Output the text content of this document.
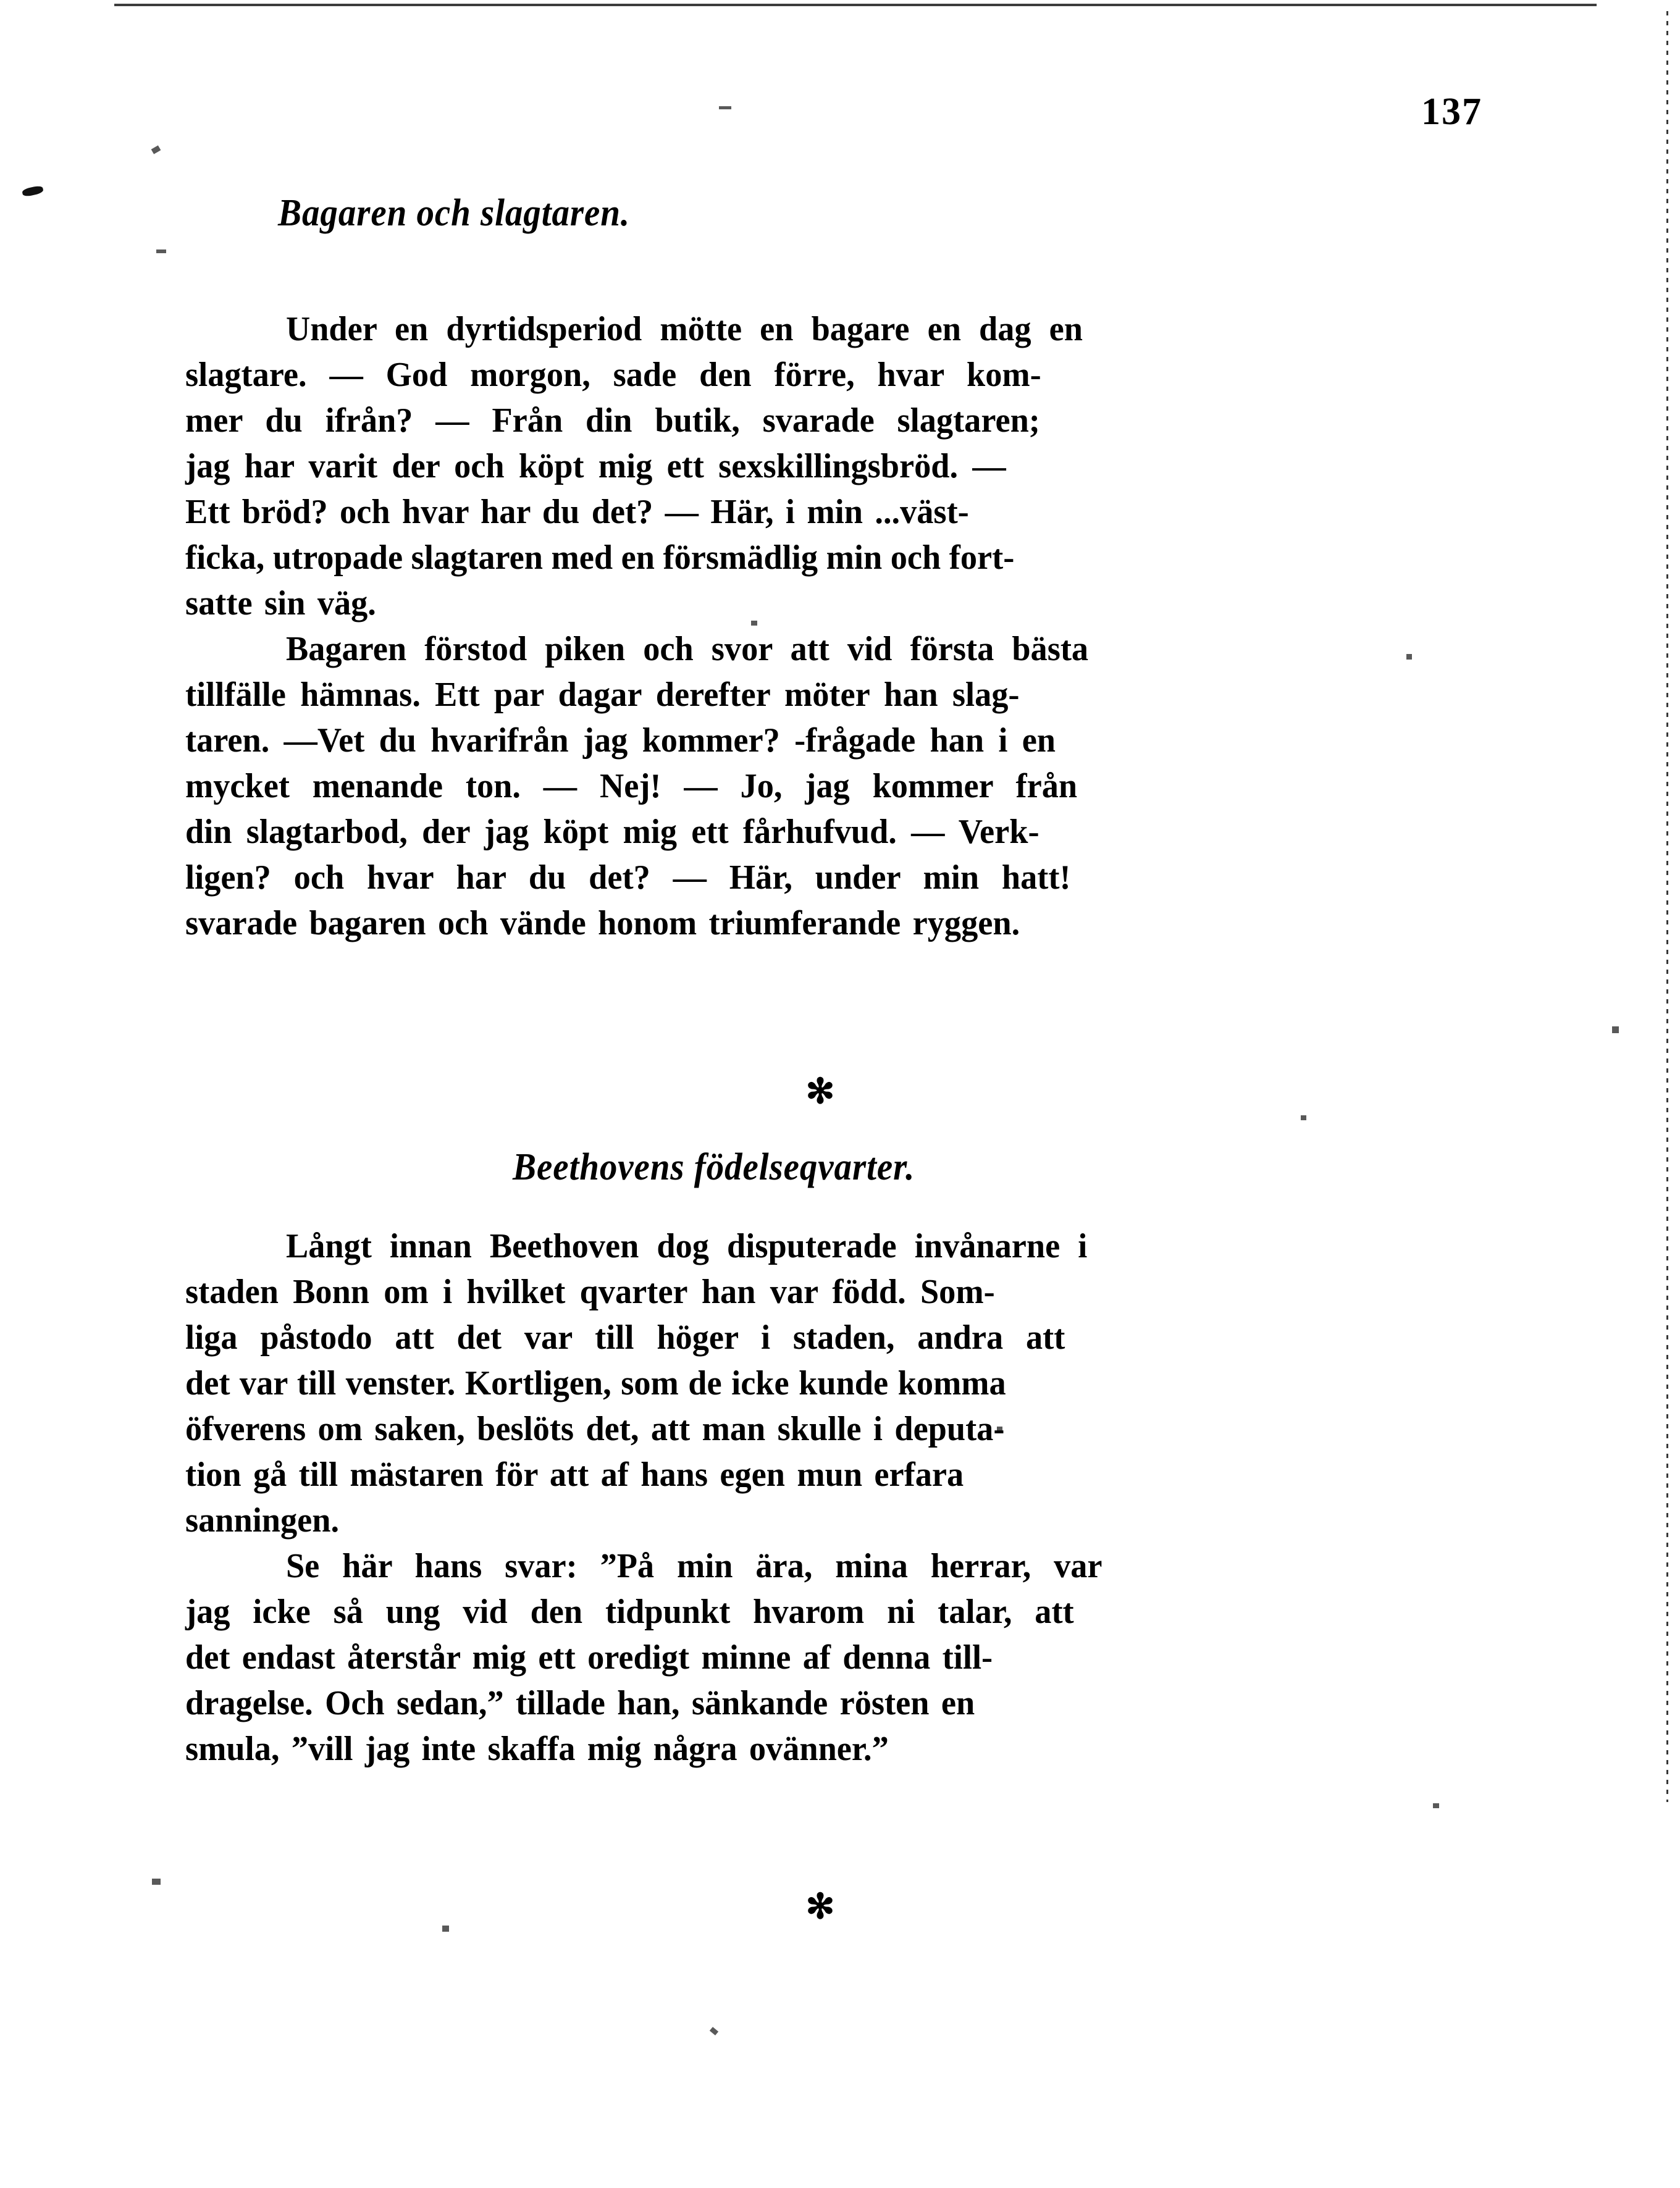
137
Bagaren och slagtaren.
Under en dyrtidsperiod mötte en bagare en dag en
slagtare. — God morgon, sade den förre, hvar kom-
mer du ifrån? — Från din butik, svarade slagtaren;
jag har varit der och köpt mig ett sexskillingsbröd. —
Ett bröd? och hvar har du det? — Här, i min ...väst-
ficka, utropade slagtaren med en försmädlig min och fort-
satte sin väg.
Bagaren förstod piken och svor att vid första bästa
tillfälle hämnas. Ett par dagar derefter möter han slag-
taren. —Vet du hvarifrån jag kommer? -frågade han i en
mycket menande ton. — Nej! — Jo, jag kommer från
din slagtarbod, der jag köpt mig ett fårhufvud. — Verk-
ligen? och hvar har du det? — Här, under min hatt!
svarade bagaren och vände honom triumferande ryggen.
✻
Beethovens födelseqvarter.
Långt innan Beethoven dog disputerade invånarne i
staden Bonn om i hvilket qvarter han var född. Som-
liga påstodo att det var till höger i staden, andra att
det var till venster. Kortligen, som de icke kunde komma
öfverens om saken, beslöts det, att man skulle i deputa-
tion gå till mästaren för att af hans egen mun erfara
sanningen.
Se här hans svar: ”På min ära, mina herrar, var
jag icke så ung vid den tidpunkt hvarom ni talar, att
det endast återstår mig ett oredigt minne af denna till-
dragelse. Och sedan,” tillade han, sänkande rösten en
smula, ”vill jag inte skaffa mig några ovänner.”
✻
